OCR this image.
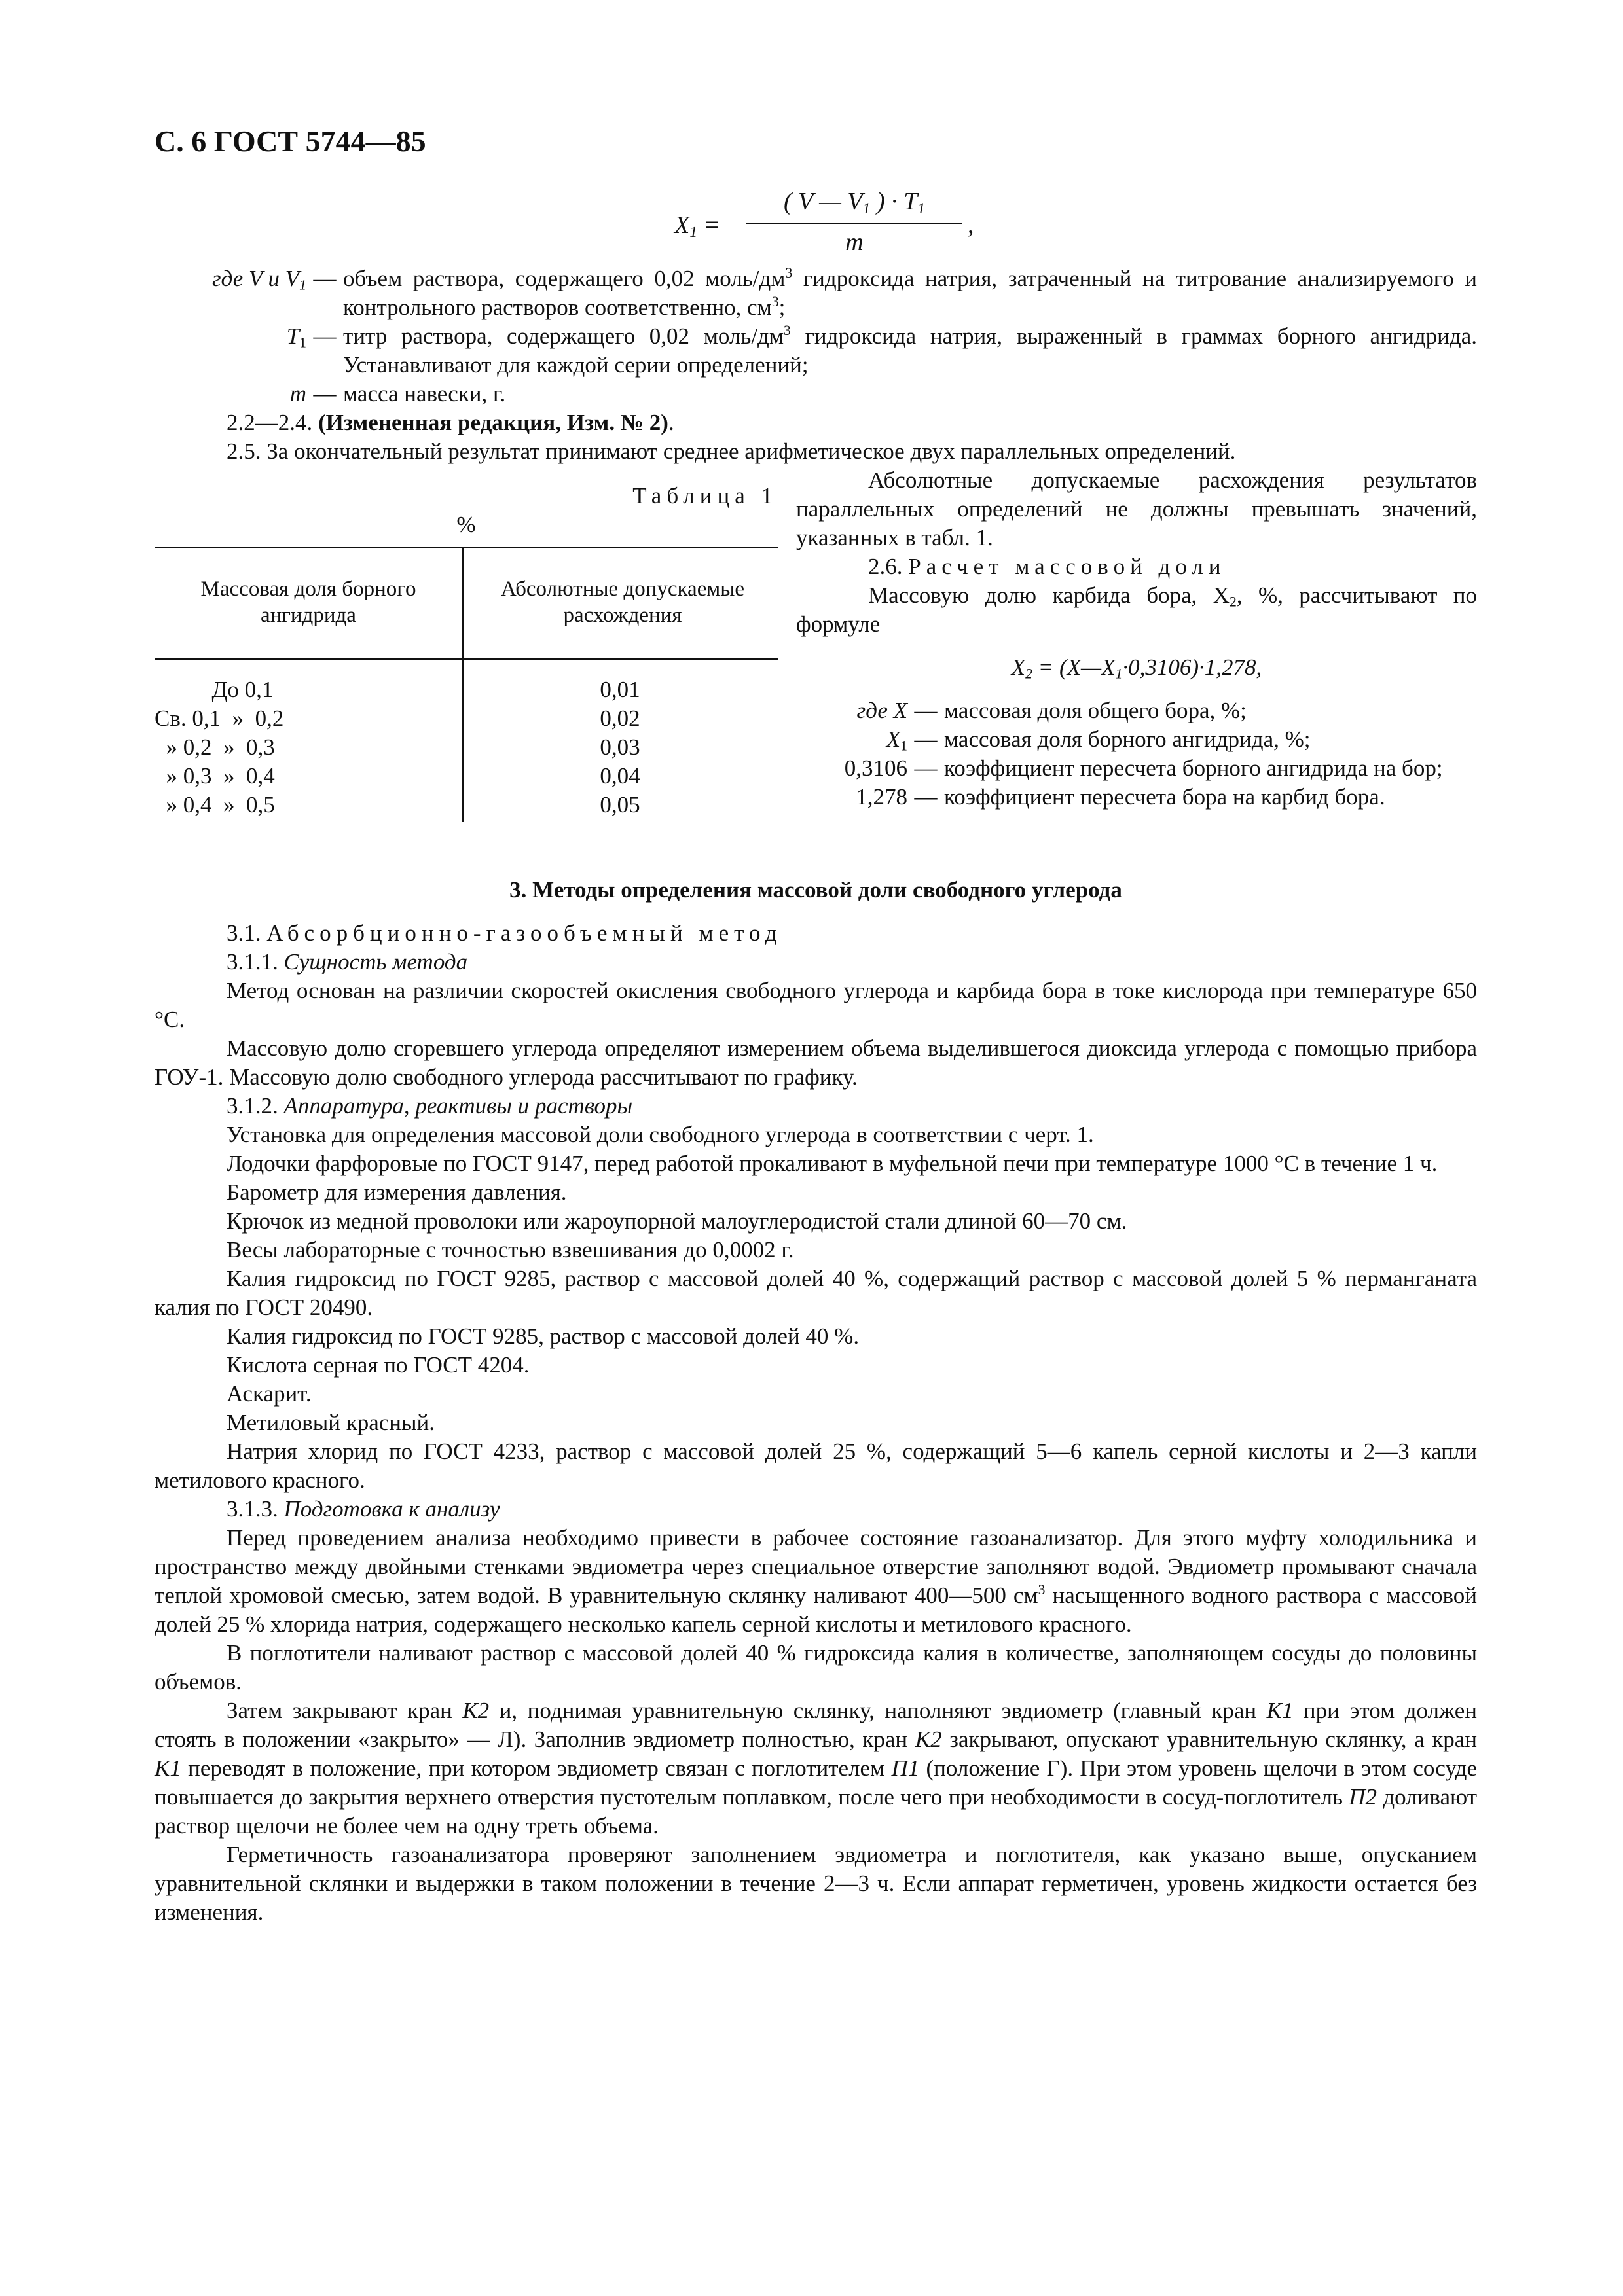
С. 6 ГОСТ 5744—85
$X_1$ =
( V — $V_1$ ) · $T_1$
m
,
где V и $V_1$ — объем раствора, содержащего 0,02 моль/$дм^3$ гидроксида натрия, затраченный на титрование анализируемого и контрольного растворов соответственно, $см^3$;
$T_1$ — титр раствора, содержащего 0,02 моль/$дм^3$ гидроксида натрия, выраженный в граммах борного ангидрида. Устанавливают для каждой серии определений;
m — масса навески, г.
2.2—2.4. (Измененная редакция, Изм. № 2).
2.5. За окончательный результат принимают среднее арифметическое двух параллельных определений.
Таблица 1
%
Массовая доля борного ангидрида
Абсолютные допускаемые расхождения
До 0,1	0,01
Св. 0,1  »  0,2	0,02
» 0,2  »  0,3	0,03
» 0,3  »  0,4	0,04
» 0,4  »  0,5	0,05
Абсолютные допускаемые расхождения результатов параллельных определений не должны превышать значений, указанных в табл. 1.
2.6. Расчет массовой доли
Массовую долю карбида бора, $X_2$, %, рассчитывают по формуле
$X_2$ = $(X—X_1\cdot 0,3106)\cdot 1,278$,
где X — массовая доля общего бора, %;
$X_1$ — массовая доля борного ангидрида, %;
0,3106 — коэффициент пересчета борного ангидрида на бор;
1,278 — коэффициент пересчета бора на карбид бора.
3. Методы определения массовой доли свободного углерода

3.1. Абсорбционно-газообъемный метод

3.1.1. Сущность метода

Метод основан на различии скоростей окисления свободного углерода и карбида бора в токе кислорода при температуре 650 °С.

Массовую долю сгоревшего углерода определяют измерением объема выделившегося диоксида углерода с помощью прибора ГОУ-1. Массовую долю свободного углерода рассчитывают по графику.

3.1.2. Аппаратура, реактивы и растворы

Установка для определения массовой доли свободного углерода в соответствии с черт. 1.

Лодочки фарфоровые по ГОСТ 9147, перед работой прокаливают в муфельной печи при температуре 1000 °С в течение 1 ч.

Барометр для измерения давления.

Крючок из медной проволоки или жароупорной малоуглеродистой стали длиной 60—70 см.

Весы лабораторные с точностью взвешивания до 0,0002 г.

Калия гидроксид по ГОСТ 9285, раствор с массовой долей 40 %, содержащий раствор с массовой долей 5 % перманганата калия по ГОСТ 20490.

Калия гидроксид по ГОСТ 9285, раствор с массовой долей 40 %.

Кислота серная по ГОСТ 4204.

Аскарит.

Метиловый красный.

Натрия хлорид по ГОСТ 4233, раствор с массовой долей 25 %, содержащий 5—6 капель серной кислоты и 2—3 капли метилового красного.

3.1.3. Подготовка к анализу

Перед проведением анализа необходимо привести в рабочее состояние газоанализатор. Для этого муфту холодильника и пространство между двойными стенками эвдиометра через специальное отверстие заполняют водой. Эвдиометр промывают сначала теплой хромовой смесью, затем водой. В уравнительную склянку наливают 400—500 $см^3$ насыщенного водного раствора с массовой долей 25 % хлорида натрия, содержащего несколько капель серной кислоты и метилового красного.

В поглотители наливают раствор с массовой долей 40 % гидроксида калия в количестве, заполняющем сосуды до половины объемов.

Затем закрывают кран K2 и, поднимая уравнительную склянку, наполняют эвдиометр (главный кран K1 при этом должен стоять в положении «закрыто» — Л). Заполнив эвдиометр полностью, кран K2 закрывают, опускают уравнительную склянку, а кран K1 переводят в положение, при котором эвдиометр связан с поглотителем П1 (положение Г). При этом уровень щелочи в этом сосуде повышается до закрытия верхнего отверстия пустотелым поплавком, после чего при необходимости в сосуд-поглотитель П2 доливают раствор щелочи не более чем на одну треть объема.

Герметичность газоанализатора проверяют заполнением эвдиометра и поглотителя, как указано выше, опусканием уравнительной склянки и выдержки в таком положении в течение 2—3 ч. Если аппарат герметичен, уровень жидкости остается без изменения.
